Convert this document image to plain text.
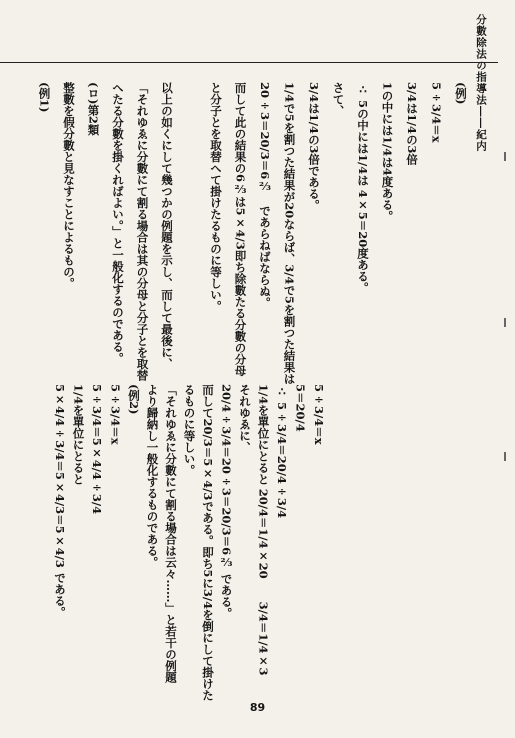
分數除法の指導法――紀内
(例)
5÷3/4＝x
3/4は1/4の3倍
1の中には1/4は4度ある。
∴ 5の中には1/4は 4×5＝20度ある。
さて、
3/4は1/4の3倍である。
1/4で5を割つた結果が20ならば、3/4で5を割つた結果は
20÷3＝20/3＝6⅔　であらねばならぬ。
而して此の結果の6⅔は5×4/3即ち除數たる分數の分母
と分子とを取替へて掛けたるものに等しい。
以上の如くにして幾つかの例題を示し、而して最後に、
「それゆゑに分數にて割る場合は其の分母と分子とを取替
へたる分數を掛くればよい。」と一般化するのである。
(ロ)第2類
整數を假分數と見なすことによるもの。
(例1)
5÷3/4＝x
5＝20/4
∴ 5÷3/4＝20/4÷3/4
1/4を單位にとると 20/4＝1/4×20　　3/4＝1/4×3
それゆゑに、
20/4÷3/4＝20÷3＝20/3＝6⅔ である。
而して20/3＝5×4/3である。即ち5に3/4を倒にして掛けた
るものに等しい。
「それゆゑに分數にて割る場合は云々……」と若干の例題
より歸納し一般化するものである。
(例2)
5÷3/4＝x
5÷3/4＝5×4/4÷3/4
1/4を單位にとると
5×4/4÷3/4＝5×4/3＝5×4/3 である。
89
